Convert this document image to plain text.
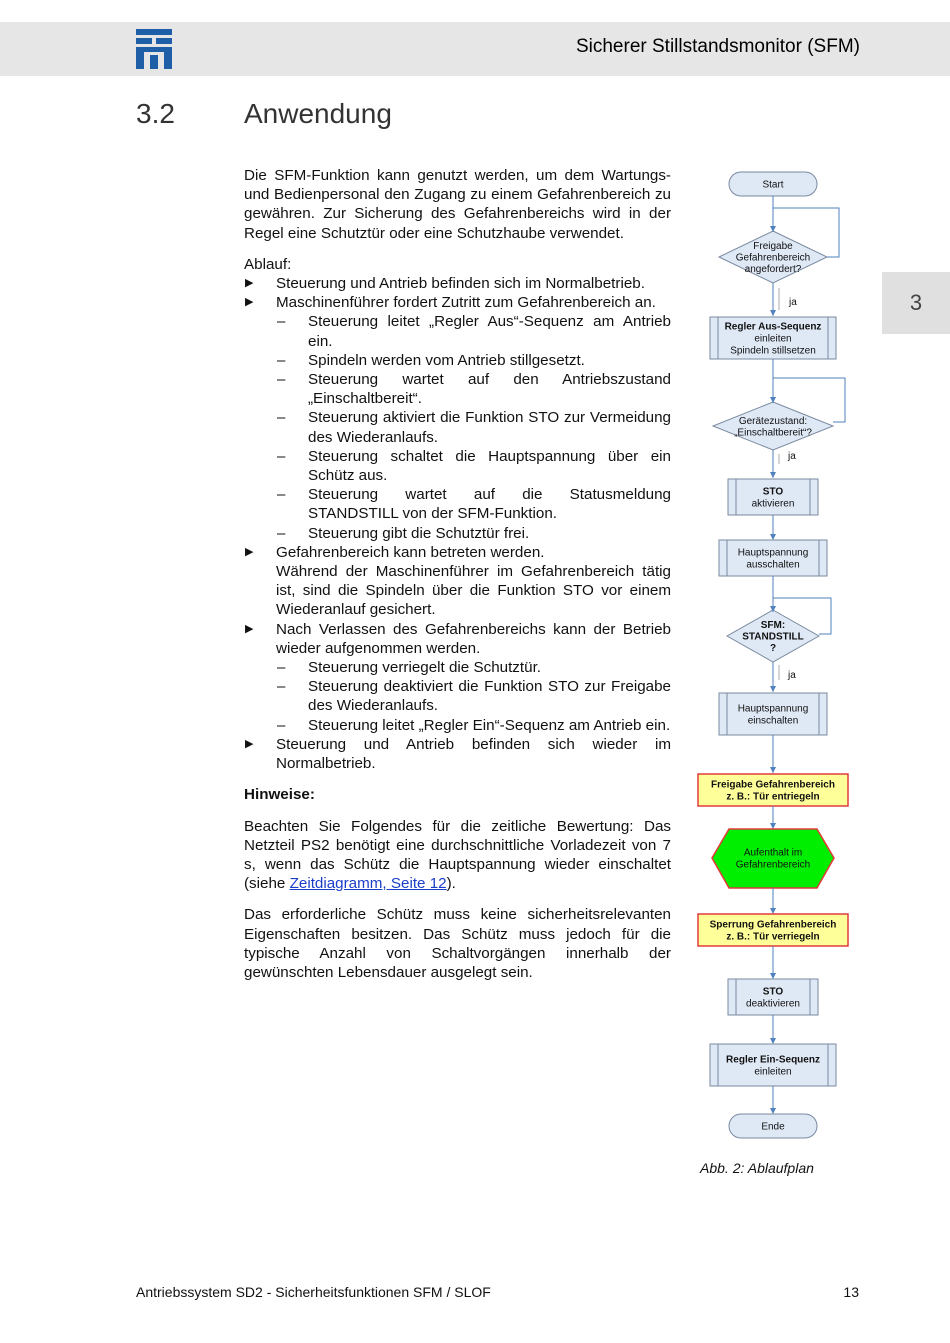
Sicherer Stillstandsmonitor (SFM)
3.2 Anwendung
3

Die SFM-Funktion kann genutzt werden, um dem Wartungs- und Bedienpersonal den Zugang zu einem Gefahrenbereich zu gewähren. Zur Sicherung des Gefahrenbereichs wird in der Regel eine Schutztür oder eine Schutzhaube verwendet.

Ablauf:

▶ Steuerung und Antrieb befinden sich im Normalbetrieb.
▶ Maschinenführer fordert Zutritt zum Gefahrenbereich an.
– Steuerung leitet „Regler Aus“-Sequenz am Antrieb ein.
– Spindeln werden vom Antrieb stillgesetzt.
– Steuerung wartet auf den Antriebszustand „Einschaltbereit“.
– Steuerung aktiviert die Funktion STO zur Vermeidung des Wiederanlaufs.
– Steuerung schaltet die Hauptspannung über ein Schütz aus.
– Steuerung wartet auf die Statusmeldung STANDSTILL von der SFM-Funktion.
– Steuerung gibt die Schutztür frei.
▶ Gefahrenbereich kann betreten werden.
Während der Maschinenführer im Gefahrenbereich tätig ist, sind die Spindeln über die Funktion STO vor einem Wiederanlauf gesichert.
▶ Nach Verlassen des Gefahrenbereichs kann der Betrieb wieder aufgenommen werden.
– Steuerung verriegelt die Schutztür.
– Steuerung deaktiviert die Funktion STO zur Freigabe des Wiederanlaufs.
– Steuerung leitet „Regler Ein“-Sequenz am Antrieb ein.
▶ Steuerung und Antrieb befinden sich wieder im Normalbetrieb.

Hinweise:

Beachten Sie Folgendes für die zeitliche Bewertung: Das Netzteil PS2 benötigt eine durchschnittliche Vorladezeit von 7 s, wenn das Schütz die Hauptspannung wieder einschaltet (siehe Zeitdiagramm, Seite 12).

Das erforderliche Schütz muss keine sicherheitsrelevanten Eigenschaften besitzen. Das Schütz muss jedoch für die typische Anzahl von Schaltvorgängen innerhalb der gewünschten Lebensdauer ausgelegt sein.

Start
Freigabe
Gefahrenbereich
angefordert?
ja
Regler Aus-Sequenz
einleiten
Spindeln stillsetzen
Gerätezustand:
„Einschaltbereit“?
ja
STO
aktivieren
Hauptspannung
ausschalten
SFM:
STANDSTILL
?
ja
Hauptspannung
einschalten
Freigabe Gefahrenbereich
z. B.: Tür entriegeln
Aufenthalt im
Gefahrenbereich
Sperrung Gefahrenbereich
z. B.: Tür verriegeln
STO
deaktivieren
Regler Ein-Sequenz
einleiten
Ende
Abb. 2: Ablaufplan
Antriebssystem SD2 - Sicherheitsfunktionen SFM / SLOF	13
